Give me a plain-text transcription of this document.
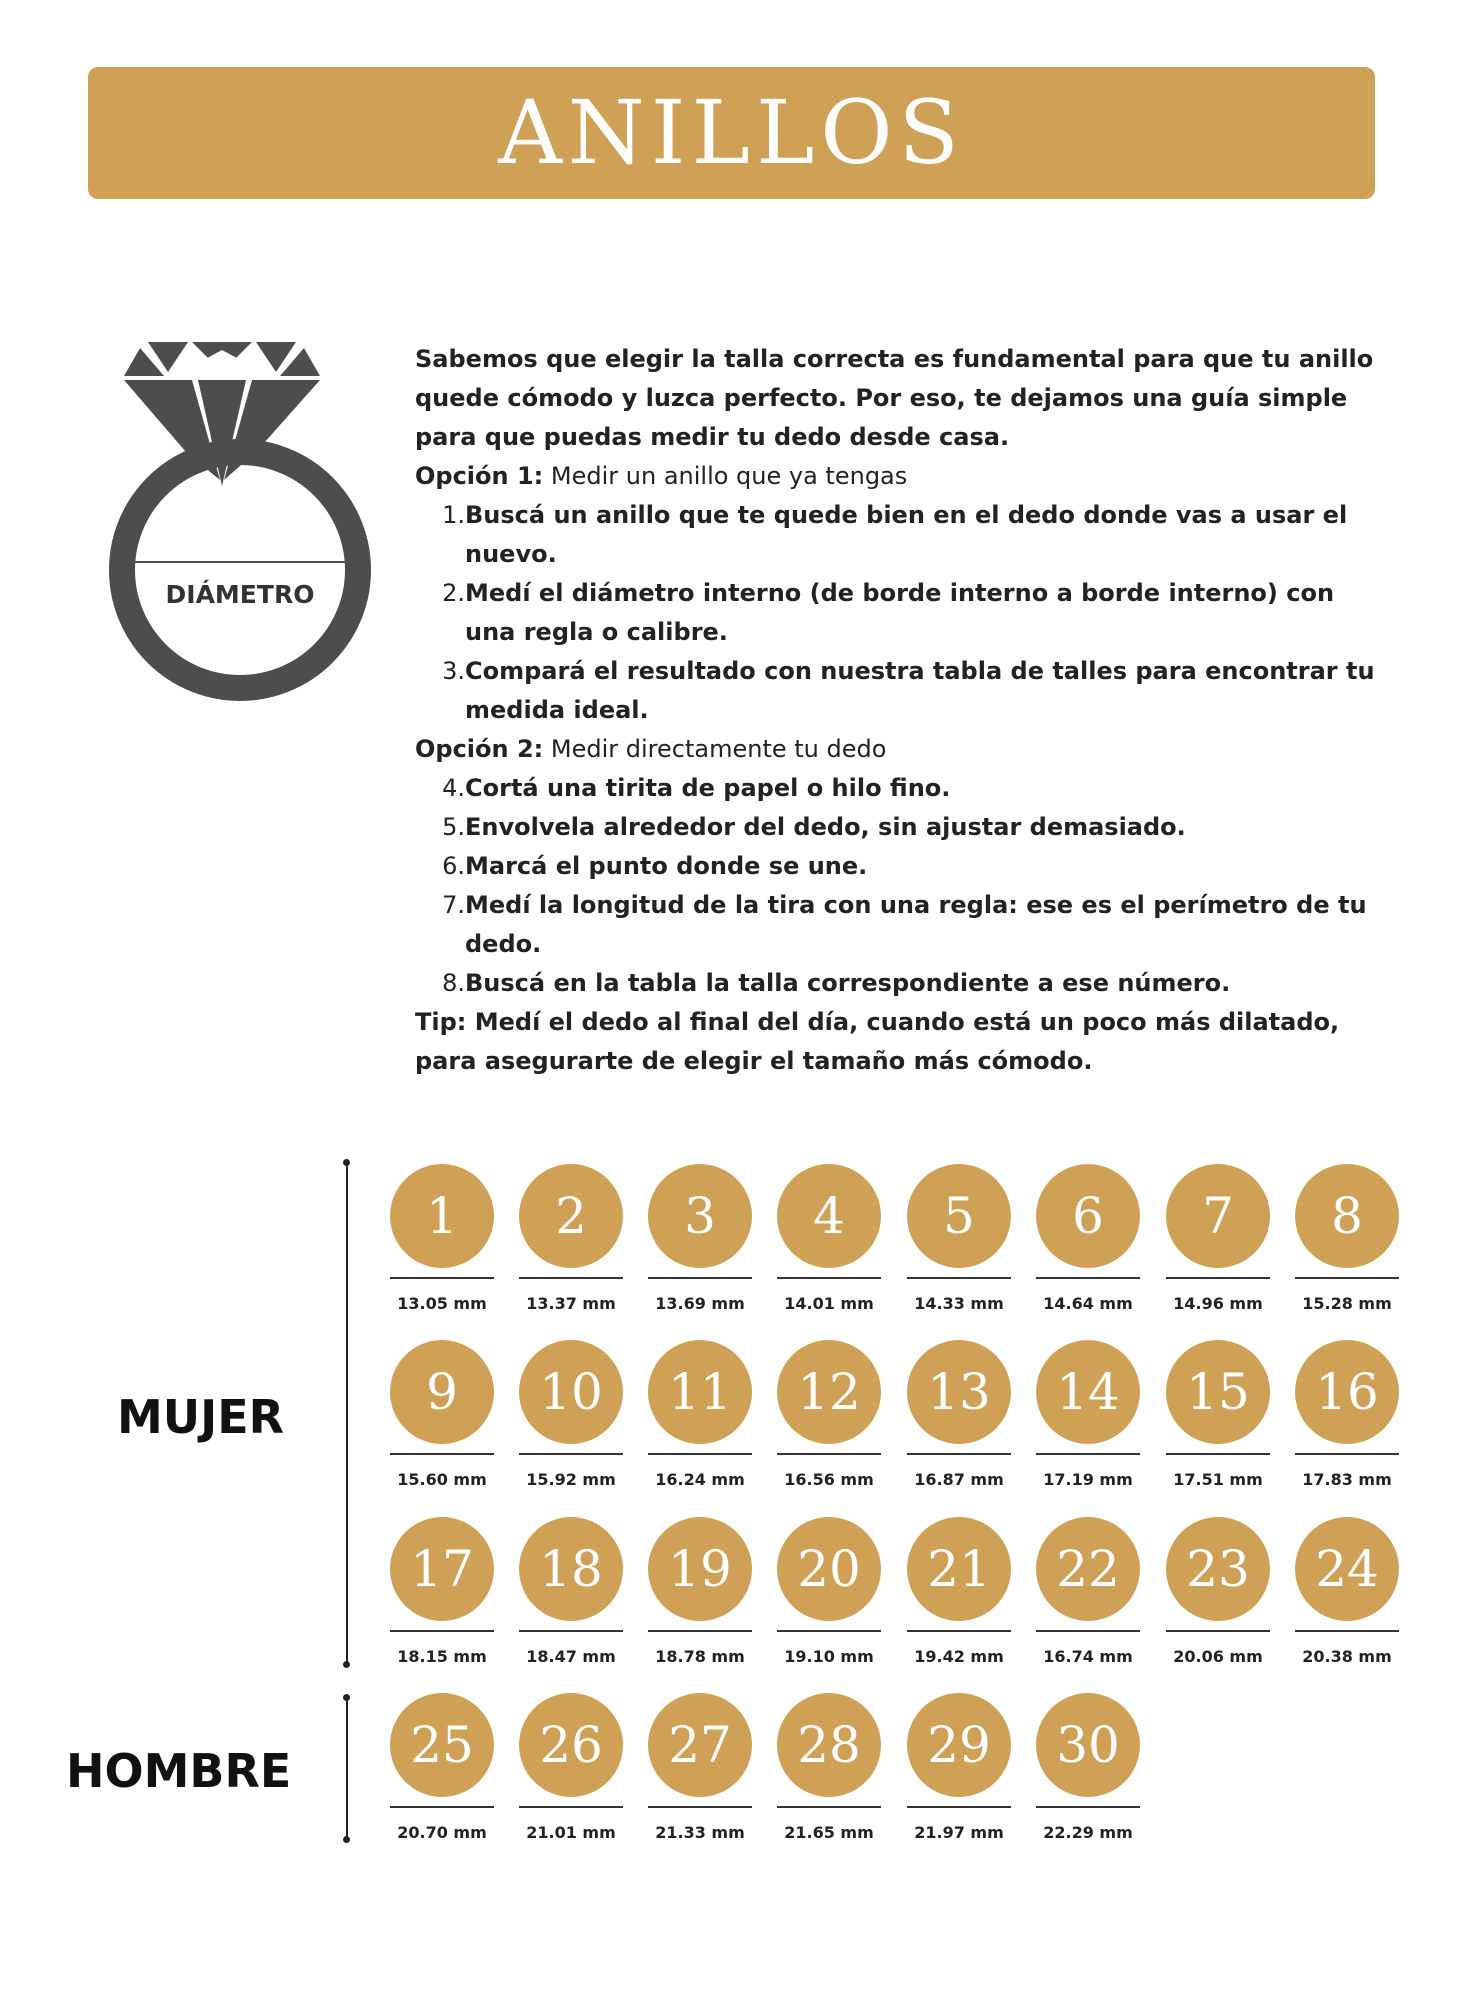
ANILLOS
DIÁMETRO

Sabemos que elegir la talla correcta es fundamental para que tu anillo quede cómodo y luzca perfecto. Por eso, te dejamos una guía simple para que puedas medir tu dedo desde casa.

Opción 1: Medir un anillo que ya tengas

1. Buscá un anillo que te quede bien en el dedo donde vas a usar el nuevo.
2. Medí el diámetro interno (de borde interno a borde interno) con una regla o calibre.
3. Compará el resultado con nuestra tabla de talles para encontrar tu medida ideal.

Opción 2: Medir directamente tu dedo

4. Cortá una tirita de papel o hilo fino.
5. Envolvela alrededor del dedo, sin ajustar demasiado.
6. Marcá el punto donde se une.
7. Medí la longitud de la tira con una regla: ese es el perímetro de tu dedo.
8. Buscá en la tabla la talla correspondiente a ese número.

Tip: Medí el dedo al final del día, cuando está un poco más dilatado, para asegurarte de elegir el tamaño más cómodo.

MUJER
HOMBRE
1
13.05 mm
2
13.37 mm
3
13.69 mm
4
14.01 mm
5
14.33 mm
6
14.64 mm
7
14.96 mm
8
15.28 mm
9
15.60 mm
10
15.92 mm
11
16.24 mm
12
16.56 mm
13
16.87 mm
14
17.19 mm
15
17.51 mm
16
17.83 mm
17
18.15 mm
18
18.47 mm
19
18.78 mm
20
19.10 mm
21
19.42 mm
22
16.74 mm
23
20.06 mm
24
20.38 mm
25
20.70 mm
26
21.01 mm
27
21.33 mm
28
21.65 mm
29
21.97 mm
30
22.29 mm
